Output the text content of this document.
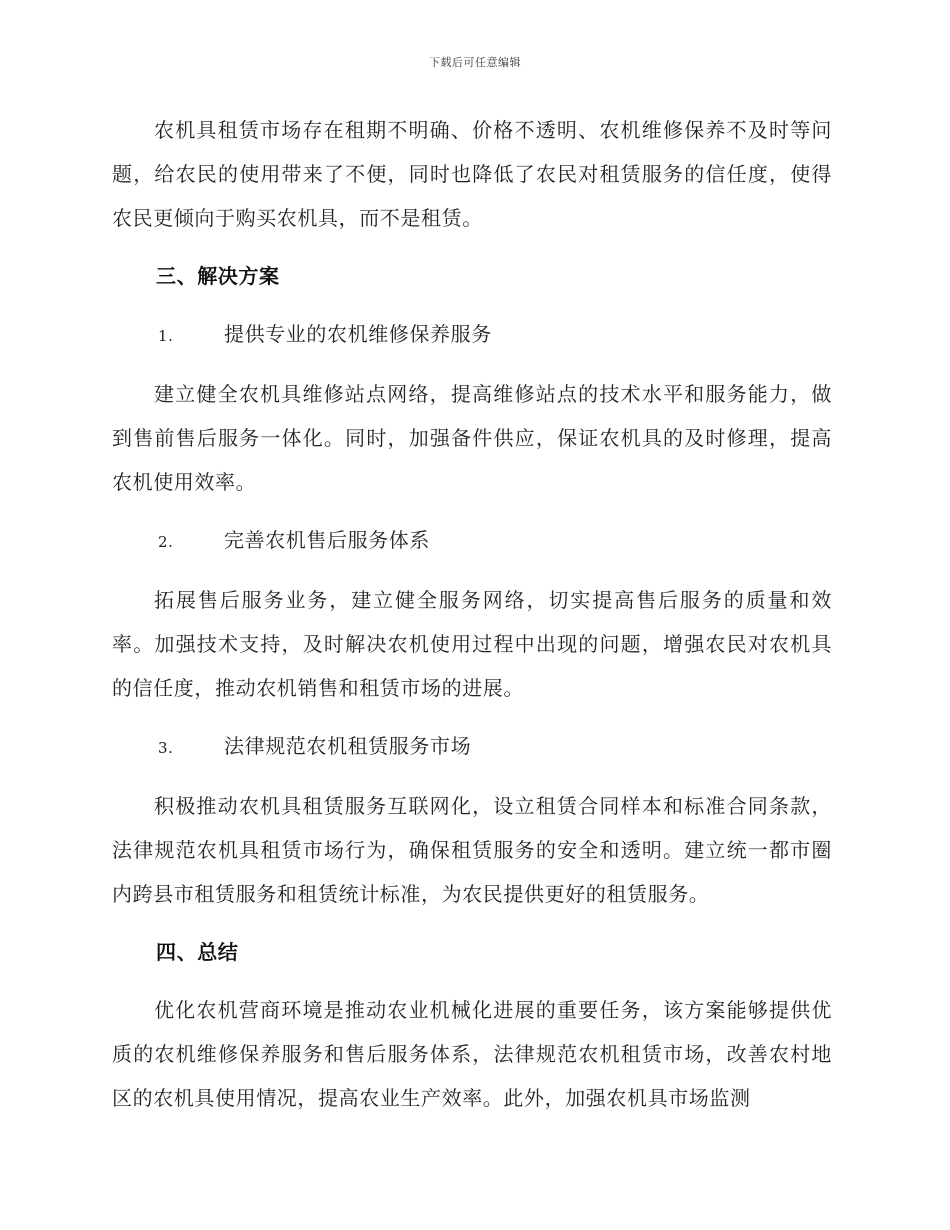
下载后可任意编辑

农机具租赁市场存在租期不明确、价格不透明、农机维修保养不及时等问题，给农民的使用带来了不便，同时也降低了农民对租赁服务的信任度，使得农民更倾向于购买农机具，而不是租赁。

三、解决方案
1.	提供专业的农机维修保养服务

建立健全农机具维修站点网络，提高维修站点的技术水平和服务能力，做到售前售后服务一体化。同时，加强备件供应，保证农机具的及时修理，提高农机使用效率。

2.	完善农机售后服务体系

拓展售后服务业务，建立健全服务网络，切实提高售后服务的质量和效率。加强技术支持，及时解决农机使用过程中出现的问题，增强农民对农机具的信任度，推动农机销售和租赁市场的进展。

3.	法律规范农机租赁服务市场

积极推动农机具租赁服务互联网化，设立租赁合同样本和标准合同条款，法律规范农机具租赁市场行为，确保租赁服务的安全和透明。建立统一都市圈内跨县市租赁服务和租赁统计标准，为农民提供更好的租赁服务。

四、总结

优化农机营商环境是推动农业机械化进展的重要任务，该方案能够提供优质的农机维修保养服务和售后服务体系，法律规范农机租赁市场，改善农村地区的农机具使用情况，提高农业生产效率。此外，加强农机具市场监测
